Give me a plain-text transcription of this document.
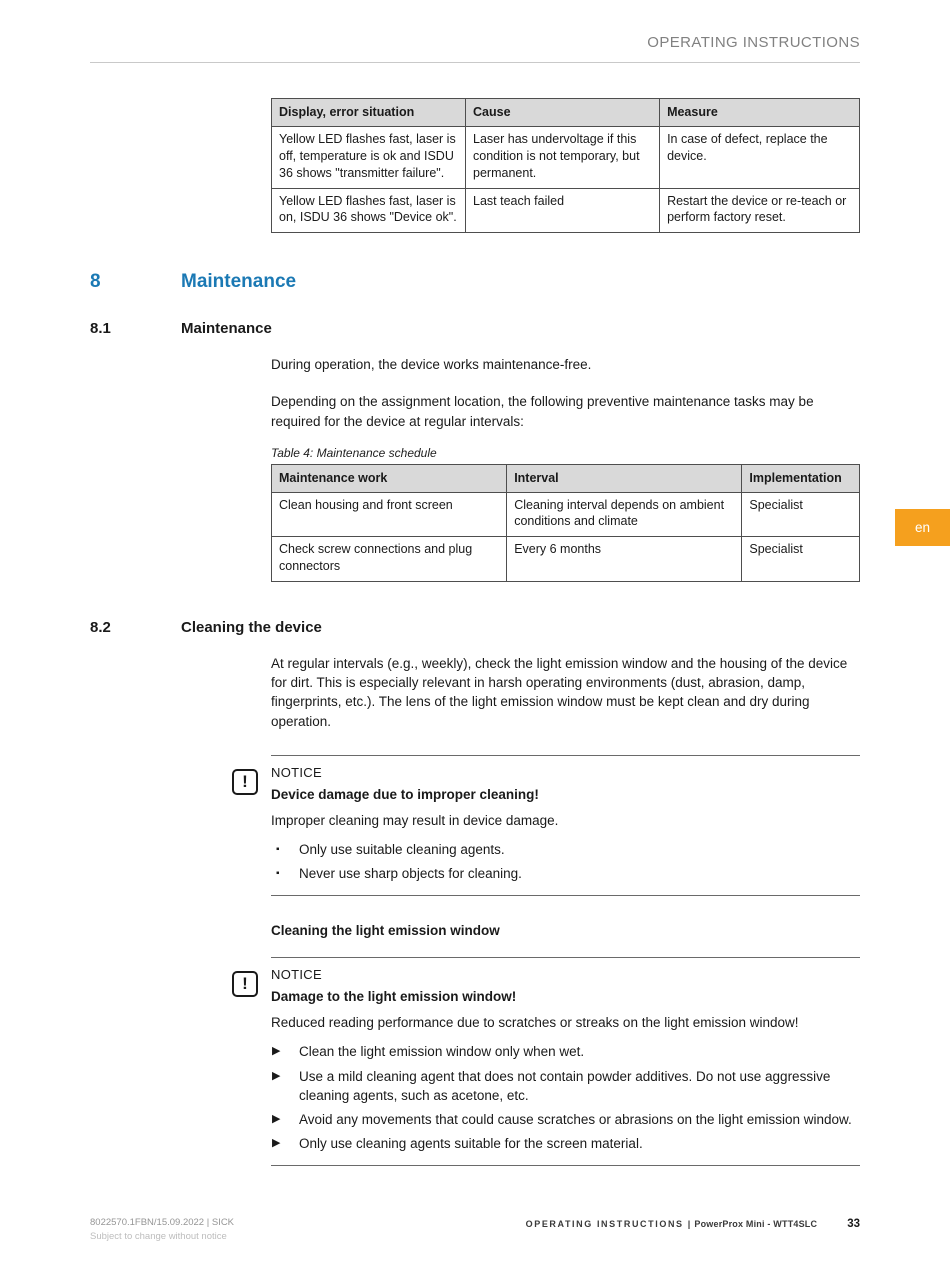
OPERATING INSTRUCTIONS
Display, error situation	Cause	Measure
Yellow LED flashes fast, laser is off, temperature is ok and ISDU 36 shows "transmitter failure".	Laser has undervoltage if this condition is not temporary, but permanent.	In case of defect, replace the device.
Yellow LED flashes fast, laser is on, ISDU 36 shows "Device ok".	Last teach failed	Restart the device or re-teach or perform factory reset.
8	Maintenance
8.1	Maintenance

During operation, the device works maintenance-free.

Depending on the assignment location, the following preventive maintenance tasks may be required for the device at regular intervals:

Table 4: Maintenance schedule
Maintenance work	Interval	Implementation
Clean housing and front screen	Cleaning interval depends on ambient conditions and climate	Specialist
Check screw connections and plug connectors	Every 6 months	Specialist
8.2	Cleaning the device

At regular intervals (e.g., weekly), check the light emission window and the housing of the device for dirt. This is especially relevant in harsh operating environments (dust, abrasion, damp, fingerprints, etc.). The lens of the light emission window must be kept clean and dry during operation.

!	NOTICE
Device damage due to improper cleaning!
Improper cleaning may result in device damage.
▪	Only use suitable cleaning agents.
▪	Never use sharp objects for cleaning.
Cleaning the light emission window
!	NOTICE
Damage to the light emission window!
Reduced reading performance due to scratches or streaks on the light emission window!
▶	Clean the light emission window only when wet.
▶	Use a mild cleaning agent that does not contain powder additives. Do not use aggressive cleaning agents, such as acetone, etc.
▶	Avoid any movements that could cause scratches or abrasions on the light emission window.
▶	Only use cleaning agents suitable for the screen material.
en
8022570.1FBN/15.09.2022 | SICK
Subject to change without notice
OPERATING INSTRUCTIONS | PowerProx Mini - WTT4SLC	33
